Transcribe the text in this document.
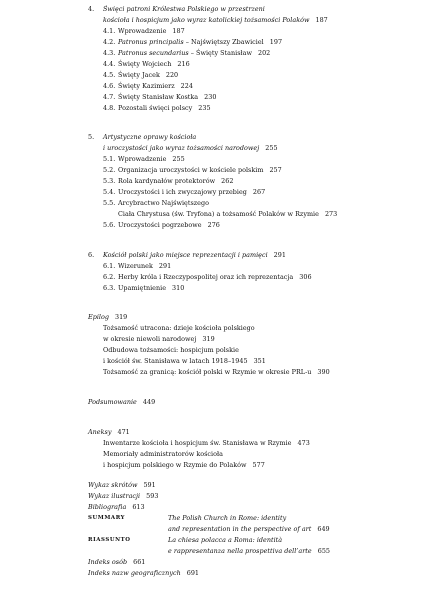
4. Święci patroni Królestwa Polskiego w przestrzeni
kościoła i hospicjum jako wyraz katolickiej tożsamości Polaków 187
4.1. Wprowadzenie 187
4.2. Patronus principalis – Najświętszy Zbawiciel 197
4.3. Patronus secundarius – Święty Stanisław 202
4.4. Święty Wojciech 216
4.5. Święty Jacek 220
4.6. Święty Kazimierz 224
4.7. Święty Stanisław Kostka 230
4.8. Pozostali święci polscy 235
5. Artystyczne oprawy kościoła
i uroczystości jako wyraz tożsamości narodowej 255
5.1. Wprowadzenie 255
5.2. Organizacja uroczystości w kościele polskim 257
5.3. Rola kardynałów protektorów 262
5.4. Uroczystości i ich zwyczajowy przebieg 267
5.5. Arcybractwo Najświętszego
Ciała Chrystusa (św. Tryfona) a tożsamość Polaków w Rzymie 273
5.6. Uroczystości pogrzebowe 276
6. Kościół polski jako miejsce reprezentacji i pamięci 291
6.1. Wizerunek 291
6.2. Herby króla i Rzeczypospolitej oraz ich reprezentacja 306
6.3. Upamiętnienie 310
Epilog 319
Tożsamość utracona: dzieje kościoła polskiego
w okresie niewoli narodowej 319
Odbudowa tożsamości: hospicjum polskie
i kościół św. Stanisława w latach 1918–1945 351
Tożsamość za granicą: kościół polski w Rzymie w okresie PRL-u 390
Podsumowanie 449
Aneksy 471
Inwentarze kościoła i hospicjum św. Stanisława w Rzymie 473
Memoriały administratorów kościoła
i hospicjum polskiego w Rzymie do Polaków 577
Wykaz skrótów 591
Wykaz ilustracji 593
Bibliografia 613
SUMMARY	The Polish Church in Rome: identity
and representation in the perspective of art 649
RIASSUNTO	La chiesa polacca a Roma: identità
e rappresentanza nella prospettiva dell’arte 655
Indeks osób 661
Indeks nazw geograficznych 691
